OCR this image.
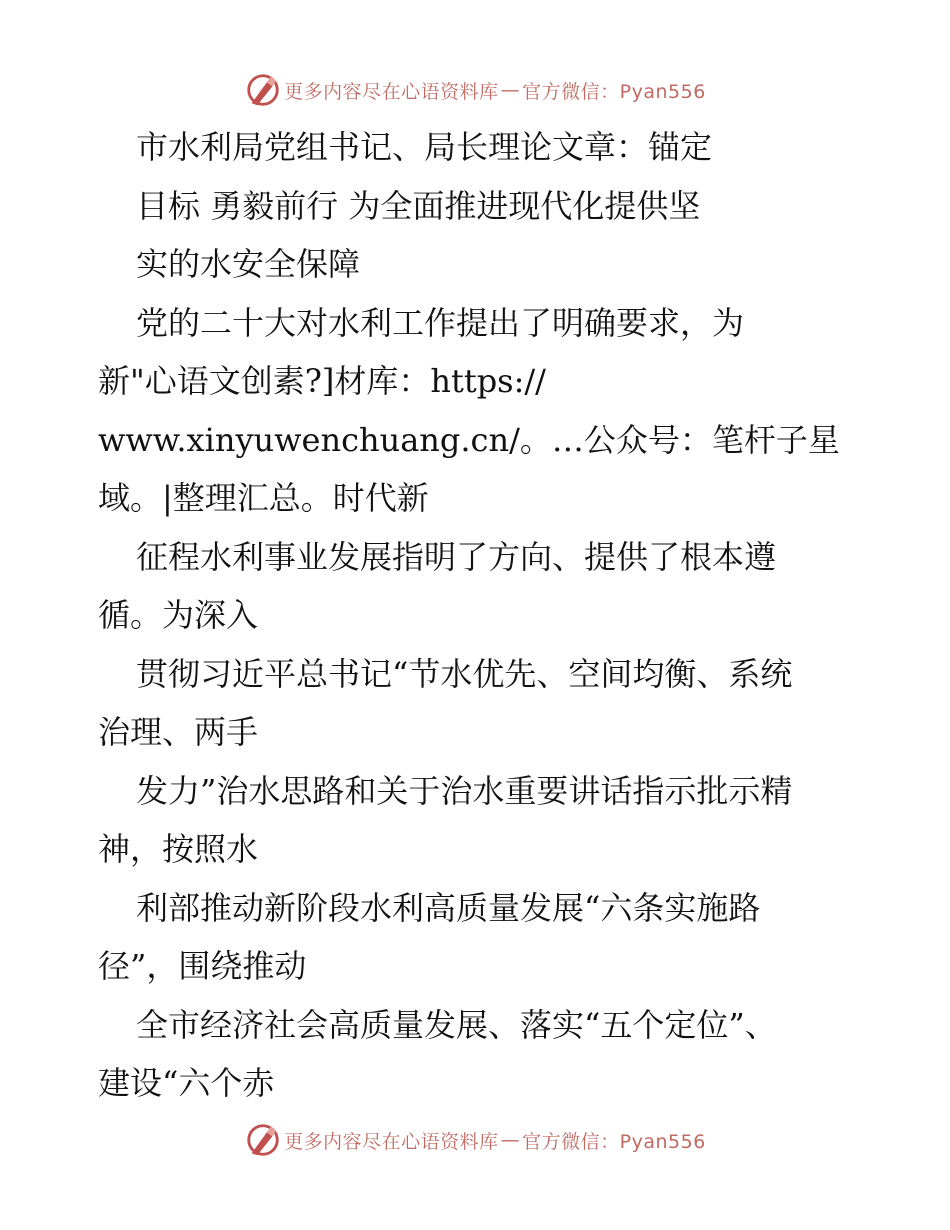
更多内容尽在心语资料库 — 官方微信：Pyan556
市水利局党组书记、局长理论文章：锚定
目标 勇毅前行 为全面推进现代化提供坚
实的水安全保障
党的二十大对水利工作提出了明确要求，为
新"心语文创素?]材库：https://
www.xinyuwenchuang.cn/。…公众号：笔杆子星
域。|整理汇总。时代新
征程水利事业发展指明了方向、提供了根本遵
循。为深入
贯彻习近平总书记“节水优先、空间均衡、系统
治理、两手
发力”治水思路和关于治水重要讲话指示批示精
神，按照水
利部推动新阶段水利高质量发展“六条实施路
径”，围绕推动
全市经济社会高质量发展、落实“五个定位”、
建设“六个赤
更多内容尽在心语资料库 — 官方微信：Pyan556
